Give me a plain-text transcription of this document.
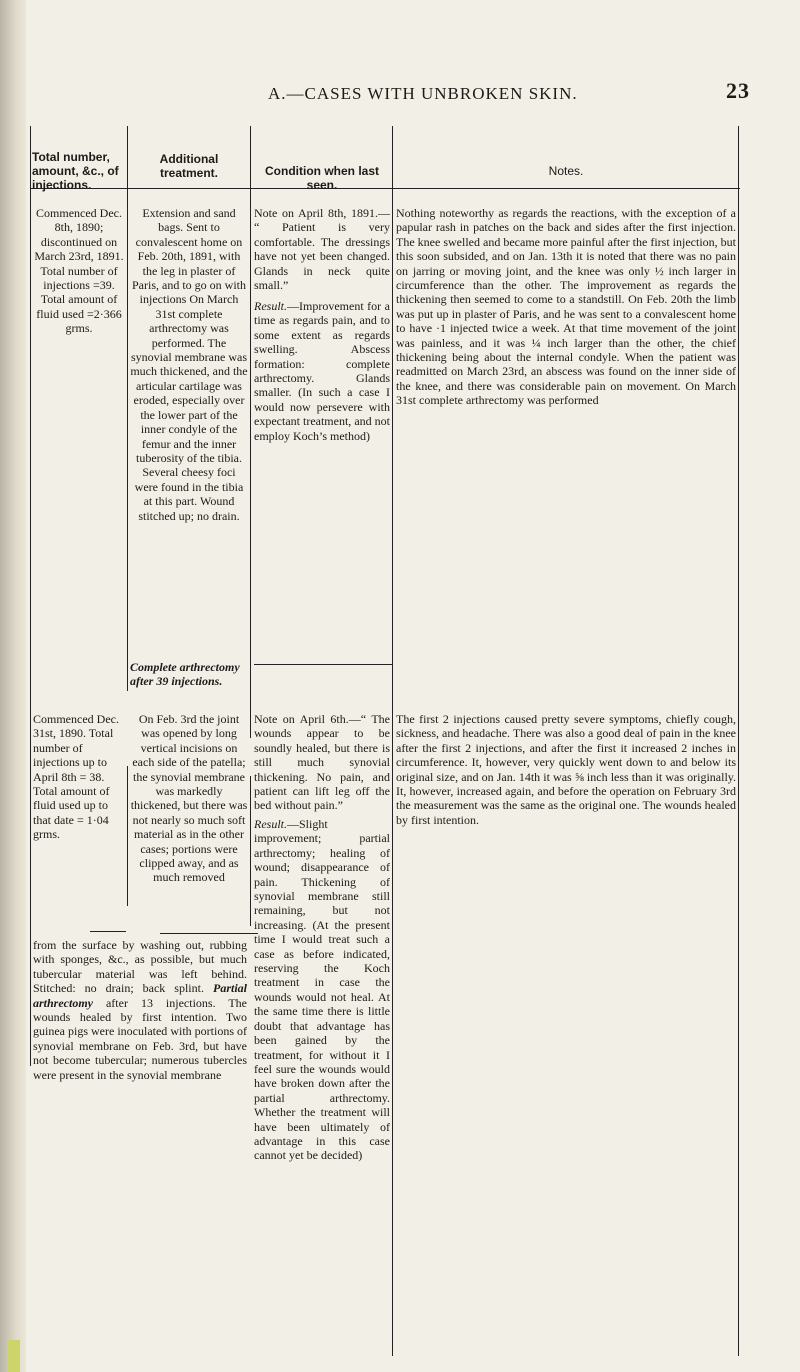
A.—CASES WITH UNBROKEN SKIN.	23
Total number, amount, &c., of injections.
Additional treatment.	Condition when last seen.
Notes.
Commenced Dec. 8th, 1890; discontinued on March 23rd, 1891. Total number of injections =39. Total amount of fluid used =2·366 grms.
Extension and sand bags. Sent to convalescent home on Feb. 20th, 1891, with the leg in plaster of Paris, and to go on with injections On March 31st complete arthrectomy was performed. The synovial membrane was much thickened, and the articular cartilage was eroded, especially over the lower part of the inner condyle of the femur and the inner tuberosity of the tibia. Several cheesy foci were found in the tibia at this part. Wound stitched up; no drain.
Complete arthrectomy after 39 injections.
Note on April 8th, 1891.— “ Patient is very comfortable. The dressings have not yet been changed. Glands in neck quite small.”
Result.—Improvement for a time as regards pain, and to some extent as regards swelling. Abscess formation: complete arthrectomy. Glands smaller. (In such a case I would now persevere with expectant treatment, and not employ Koch’s method)
Nothing noteworthy as regards the reactions, with the exception of a papular rash in patches on the back and sides after the first injection. The knee swelled and became more painful after the first injection, but this soon subsided, and on Jan. 13th it is noted that there was no pain on jarring or moving joint, and the knee was only ½ inch larger in circumference than the other. The improvement as regards the thickening then seemed to come to a standstill. On Feb. 20th the limb was put up in plaster of Paris, and he was sent to a convalescent home to have ·1 injected twice a week. At that time movement of the joint was painless, and it was ¼ inch larger than the other, the chief thickening being about the internal condyle. When the patient was readmitted on March 23rd, an abscess was found on the inner side of the knee, and there was considerable pain on movement. On March 31st complete arthrectomy was performed
Commenced Dec. 31st, 1890. Total number of injections up to April 8th = 38. Total amount of fluid used up to that date = 1·04 grms.
On Feb. 3rd the joint was opened by long vertical incisions on each side of the patella; the synovial membrane was markedly thickened, but there was not nearly so much soft material as in the other cases; portions were clipped away, and as much removed
from the surface by washing out, rubbing with sponges, &c., as possible, but much tubercular material was left behind. Stitched: no drain; back splint. Partial arthrectomy after 13 injections. The wounds healed by first intention. Two guinea pigs were inoculated with portions of synovial membrane on Feb. 3rd, but have not become tubercular; numerous tubercles were present in the synovial membrane
Note on April 6th.—“ The wounds appear to be soundly healed, but there is still much synovial thickening. No pain, and patient can lift leg off the bed without pain.”
Result.—Slight improvement; partial arthrectomy; healing of wound; disappearance of pain. Thickening of synovial membrane still remaining, but not increasing. (At the present time I would treat such a case as before indicated, reserving the Koch treatment in case the wounds would not heal. At the same time there is little doubt that advantage has been gained by the treatment, for without it I feel sure the wounds would have broken down after the partial arthrectomy. Whether the treatment will have been ultimately of advantage in this case cannot yet be decided)
The first 2 injections caused pretty severe symptoms, chiefly cough, sickness, and headache. There was also a good deal of pain in the knee after the first 2 injections, and after the first it increased 2 inches in circumference. It, however, very quickly went down to and below its original size, and on Jan. 14th it was ⅝ inch less than it was originally. It, however, increased again, and before the operation on February 3rd the measurement was the same as the original one. The wounds healed by first intention.
